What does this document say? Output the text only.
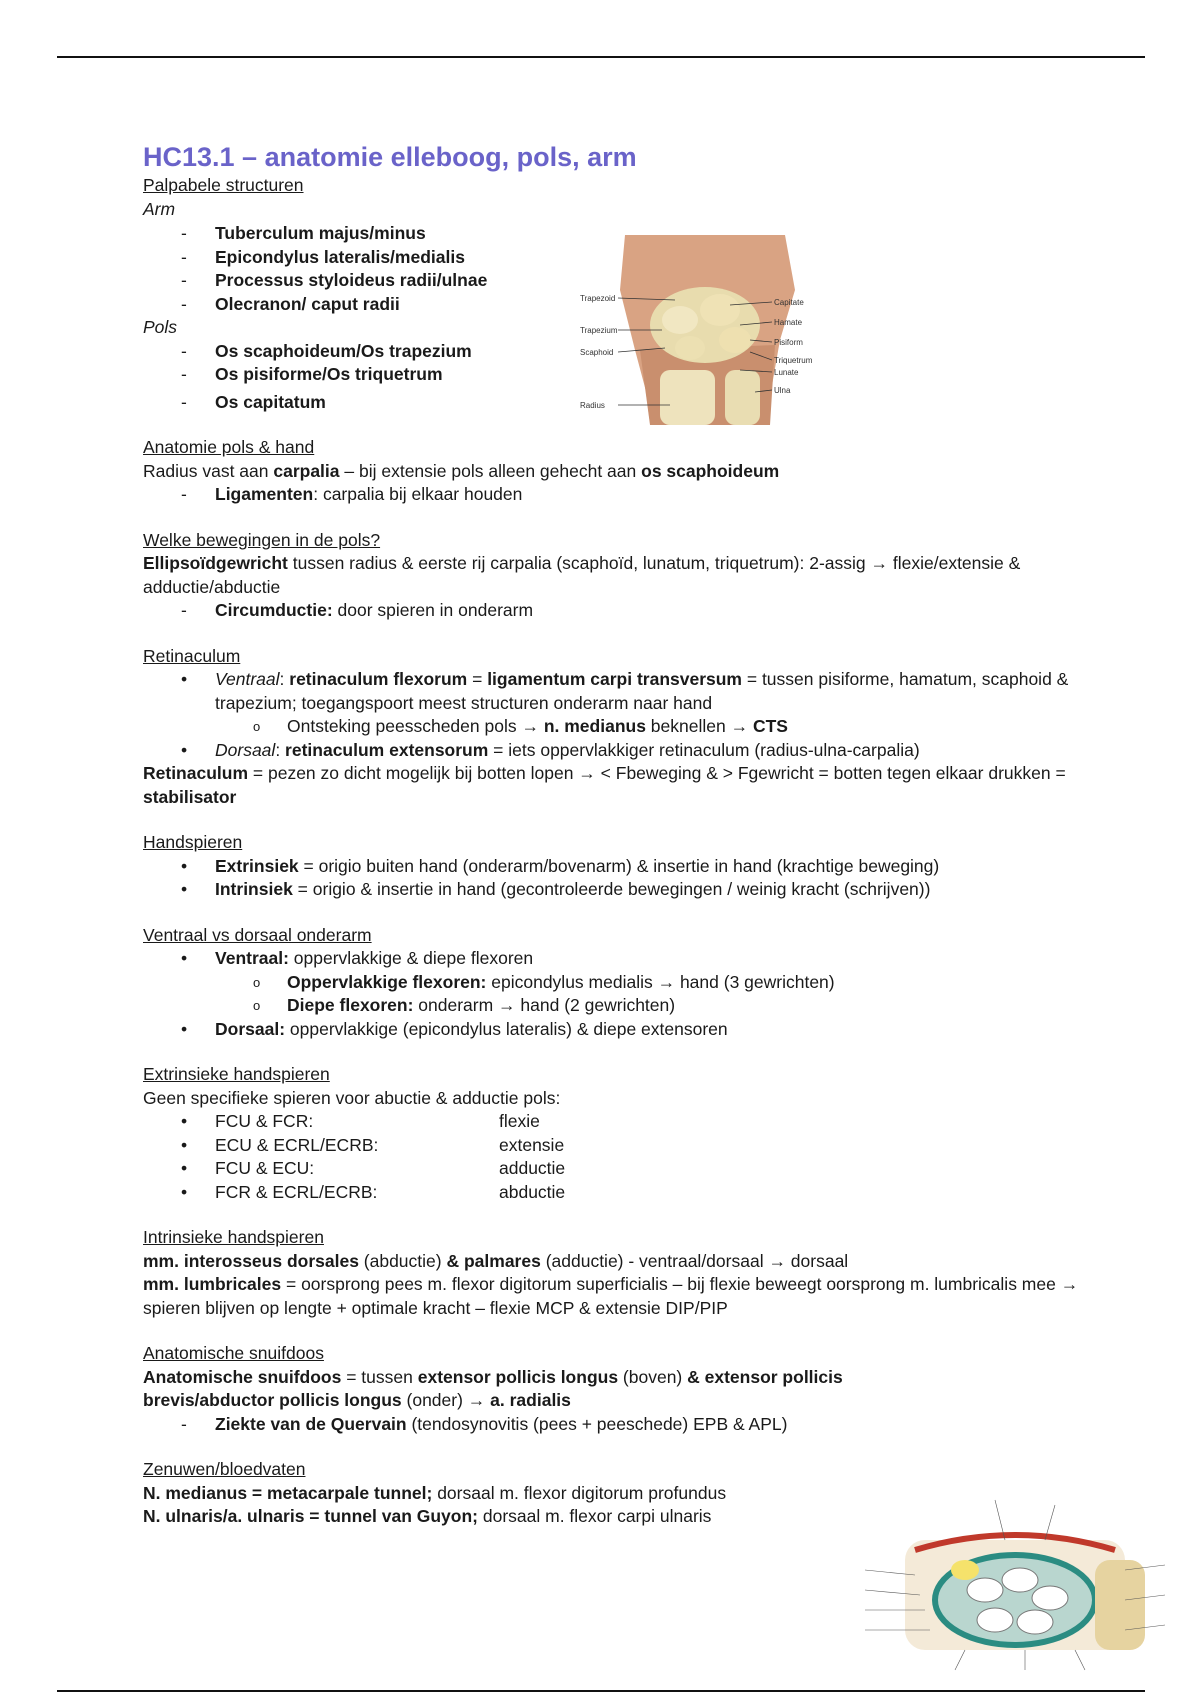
HC13.1 – anatomie elleboog, pols, arm

Palpabele structuren

Arm
- Tuberculum majus/minus
- Epicondylus lateralis/medialis
- Processus styloideus radii/ulnae
- Olecranon/ caput radii
Pols
- Os scaphoideum/Os trapezium
- Os pisiforme/Os triquetrum
- Os capitatum

Anatomie pols & hand

Radius vast aan carpalia – bij extensie pols alleen gehecht aan os scaphoideum
- Ligamenten: carpalia bij elkaar houden

Welke bewegingen in de pols?

Ellipsoïdgewricht tussen radius & eerste rij carpalia (scaphoïd, lunatum, triquetrum): 2-assig → flexie/extensie & adductie/abductie
- Circumductie: door spieren in onderarm

Retinaculum

• Ventraal: retinaculum flexorum = ligamentum carpi transversum = tussen pisiforme, hamatum, scaphoid & trapezium; toegangspoort meest structuren onderarm naar hand
o Ontsteking peesscheden pols → n. medianus beknellen → CTS
• Dorsaal: retinaculum extensorum = iets oppervlakkiger retinaculum (radius-ulna-carpalia)
Retinaculum = pezen zo dicht mogelijk bij botten lopen → < Fbeweging & > Fgewricht = botten tegen elkaar drukken = stabilisator

Handspieren

• Extrinsiek = origio buiten hand (onderarm/bovenarm) & insertie in hand (krachtige beweging)
• Intrinsiek = origio & insertie in hand (gecontroleerde bewegingen / weinig kracht (schrijven))

Ventraal vs dorsaal onderarm

• Ventraal: oppervlakkige & diepe flexoren
o Oppervlakkige flexoren: epicondylus medialis → hand (3 gewrichten)
o Diepe flexoren: onderarm → hand (2 gewrichten)
• Dorsaal: oppervlakkige (epicondylus lateralis) & diepe extensoren

Extrinsieke handspieren

Geen specifieke spieren voor abuctie & adductie pols:
• FCU & FCR:	flexie
• ECU & ECRL/ECRB:	extensie
• FCU & ECU:	adductie
• FCR & ECRL/ECRB:	abductie

Intrinsieke handspieren

mm. interosseus dorsales (abductie) & palmares (adductie) - ventraal/dorsaal → dorsaal
mm. lumbricales = oorsprong pees m. flexor digitorum superficialis – bij flexie beweegt oorsprong m. lumbricalis mee → spieren blijven op lengte + optimale kracht – flexie MCP & extensie DIP/PIP

Anatomische snuifdoos

Anatomische snuifdoos = tussen extensor pollicis longus (boven) & extensor pollicis brevis/abductor pollicis longus (onder) → a. radialis
- Ziekte van de Quervain (tendosynovitis (pees + peeschede) EPB & APL)

Zenuwen/bloedvaten

N. medianus = metacarpale tunnel; dorsaal m. flexor digitorum profundus
N. ulnaris/a. ulnaris = tunnel van Guyon; dorsaal m. flexor carpi ulnaris
Trapezoid
Trapezium
Scaphoid
Radius
Capitate
Hamate
Pisiform
Triquetrum
Lunate
Ulna
